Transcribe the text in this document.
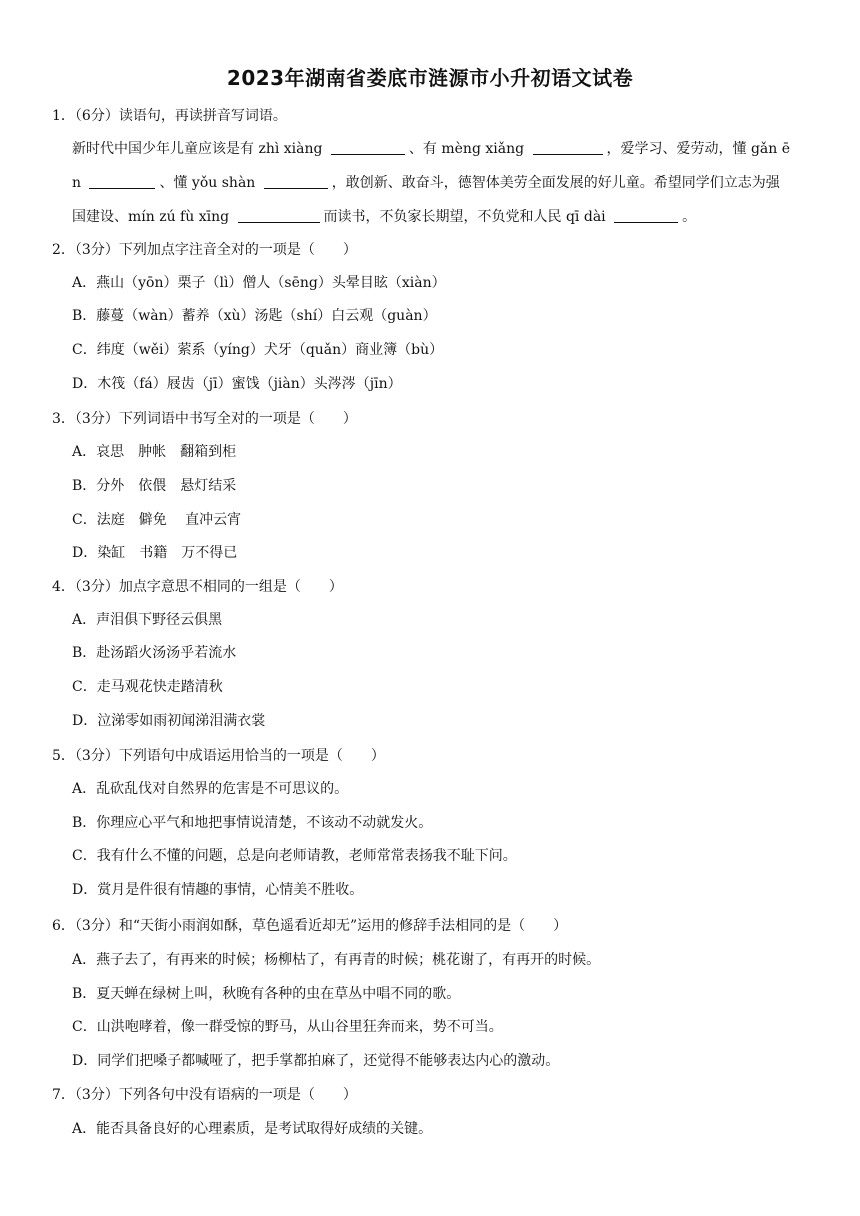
2023年湖南省娄底市涟源市小升初语文试卷
1．（6分）读语句，再读拼音写词语。
新时代中国少年儿童应该是有 zhì xiàng	、有 mèng xiǎng	，爱学习、爱劳动，懂 gǎn ē
n	、懂 yǒu shàn	，敢创新、敢奋斗，德智体美劳全面发展的好儿童。希望同学们立志为强
国建设、mín zú fù xīng	而读书，不负家长期望，不负党和人民 qī dài	。
2．（3分）下列加点字注音全对的一项是（　　）
A．燕山（yōn）栗子（lì）僧人（sēng）头晕目眩（xiàn）
B．藤蔓（wàn）蓄养（xù）汤匙（shí）白云观（guàn）
C．纬度（wěi）萦系（yíng）犬牙（quǎn）商业簿（bù）
D．木筏（fá）屐齿（jī）蜜饯（jiàn）头涔涔（jīn）
3．（3分）下列词语中书写全对的一项是（　　）
A．哀思　肿帐　翻箱到柜
B．分外　依偎　悬灯结采
C．法庭　僻免　 直冲云宵
D．染缸　书籍　万不得已
4．（3分）加点字意思不相同的一组是（　　）
A．声泪俱下野径云俱黑
B．赴汤蹈火汤汤乎若流水
C．走马观花快走踏清秋
D．泣涕零如雨初闻涕泪满衣裳
5．（3分）下列语句中成语运用恰当的一项是（　　）
A．乱砍乱伐对自然界的危害是不可思议的。
B．你理应心平气和地把事情说清楚，不该动不动就发火。
C．我有什么不懂的问题，总是向老师请教，老师常常表扬我不耻下问。
D．赏月是件很有情趣的事情，心情美不胜收。
6．（3分）和“天街小雨润如酥，草色遥看近却无”运用的修辞手法相同的是（　　）
A．燕子去了，有再来的时候；杨柳枯了，有再青的时候；桃花谢了，有再开的时候。
B．夏天蝉在绿树上叫，秋晚有各种的虫在草丛中唱不同的歌。
C．山洪咆哮着，像一群受惊的野马，从山谷里狂奔而来，势不可当。
D．同学们把嗓子都喊哑了，把手掌都拍麻了，还觉得不能够表达内心的激动。
7．（3分）下列各句中没有语病的一项是（　　）
A．能否具备良好的心理素质，是考试取得好成绩的关键。
